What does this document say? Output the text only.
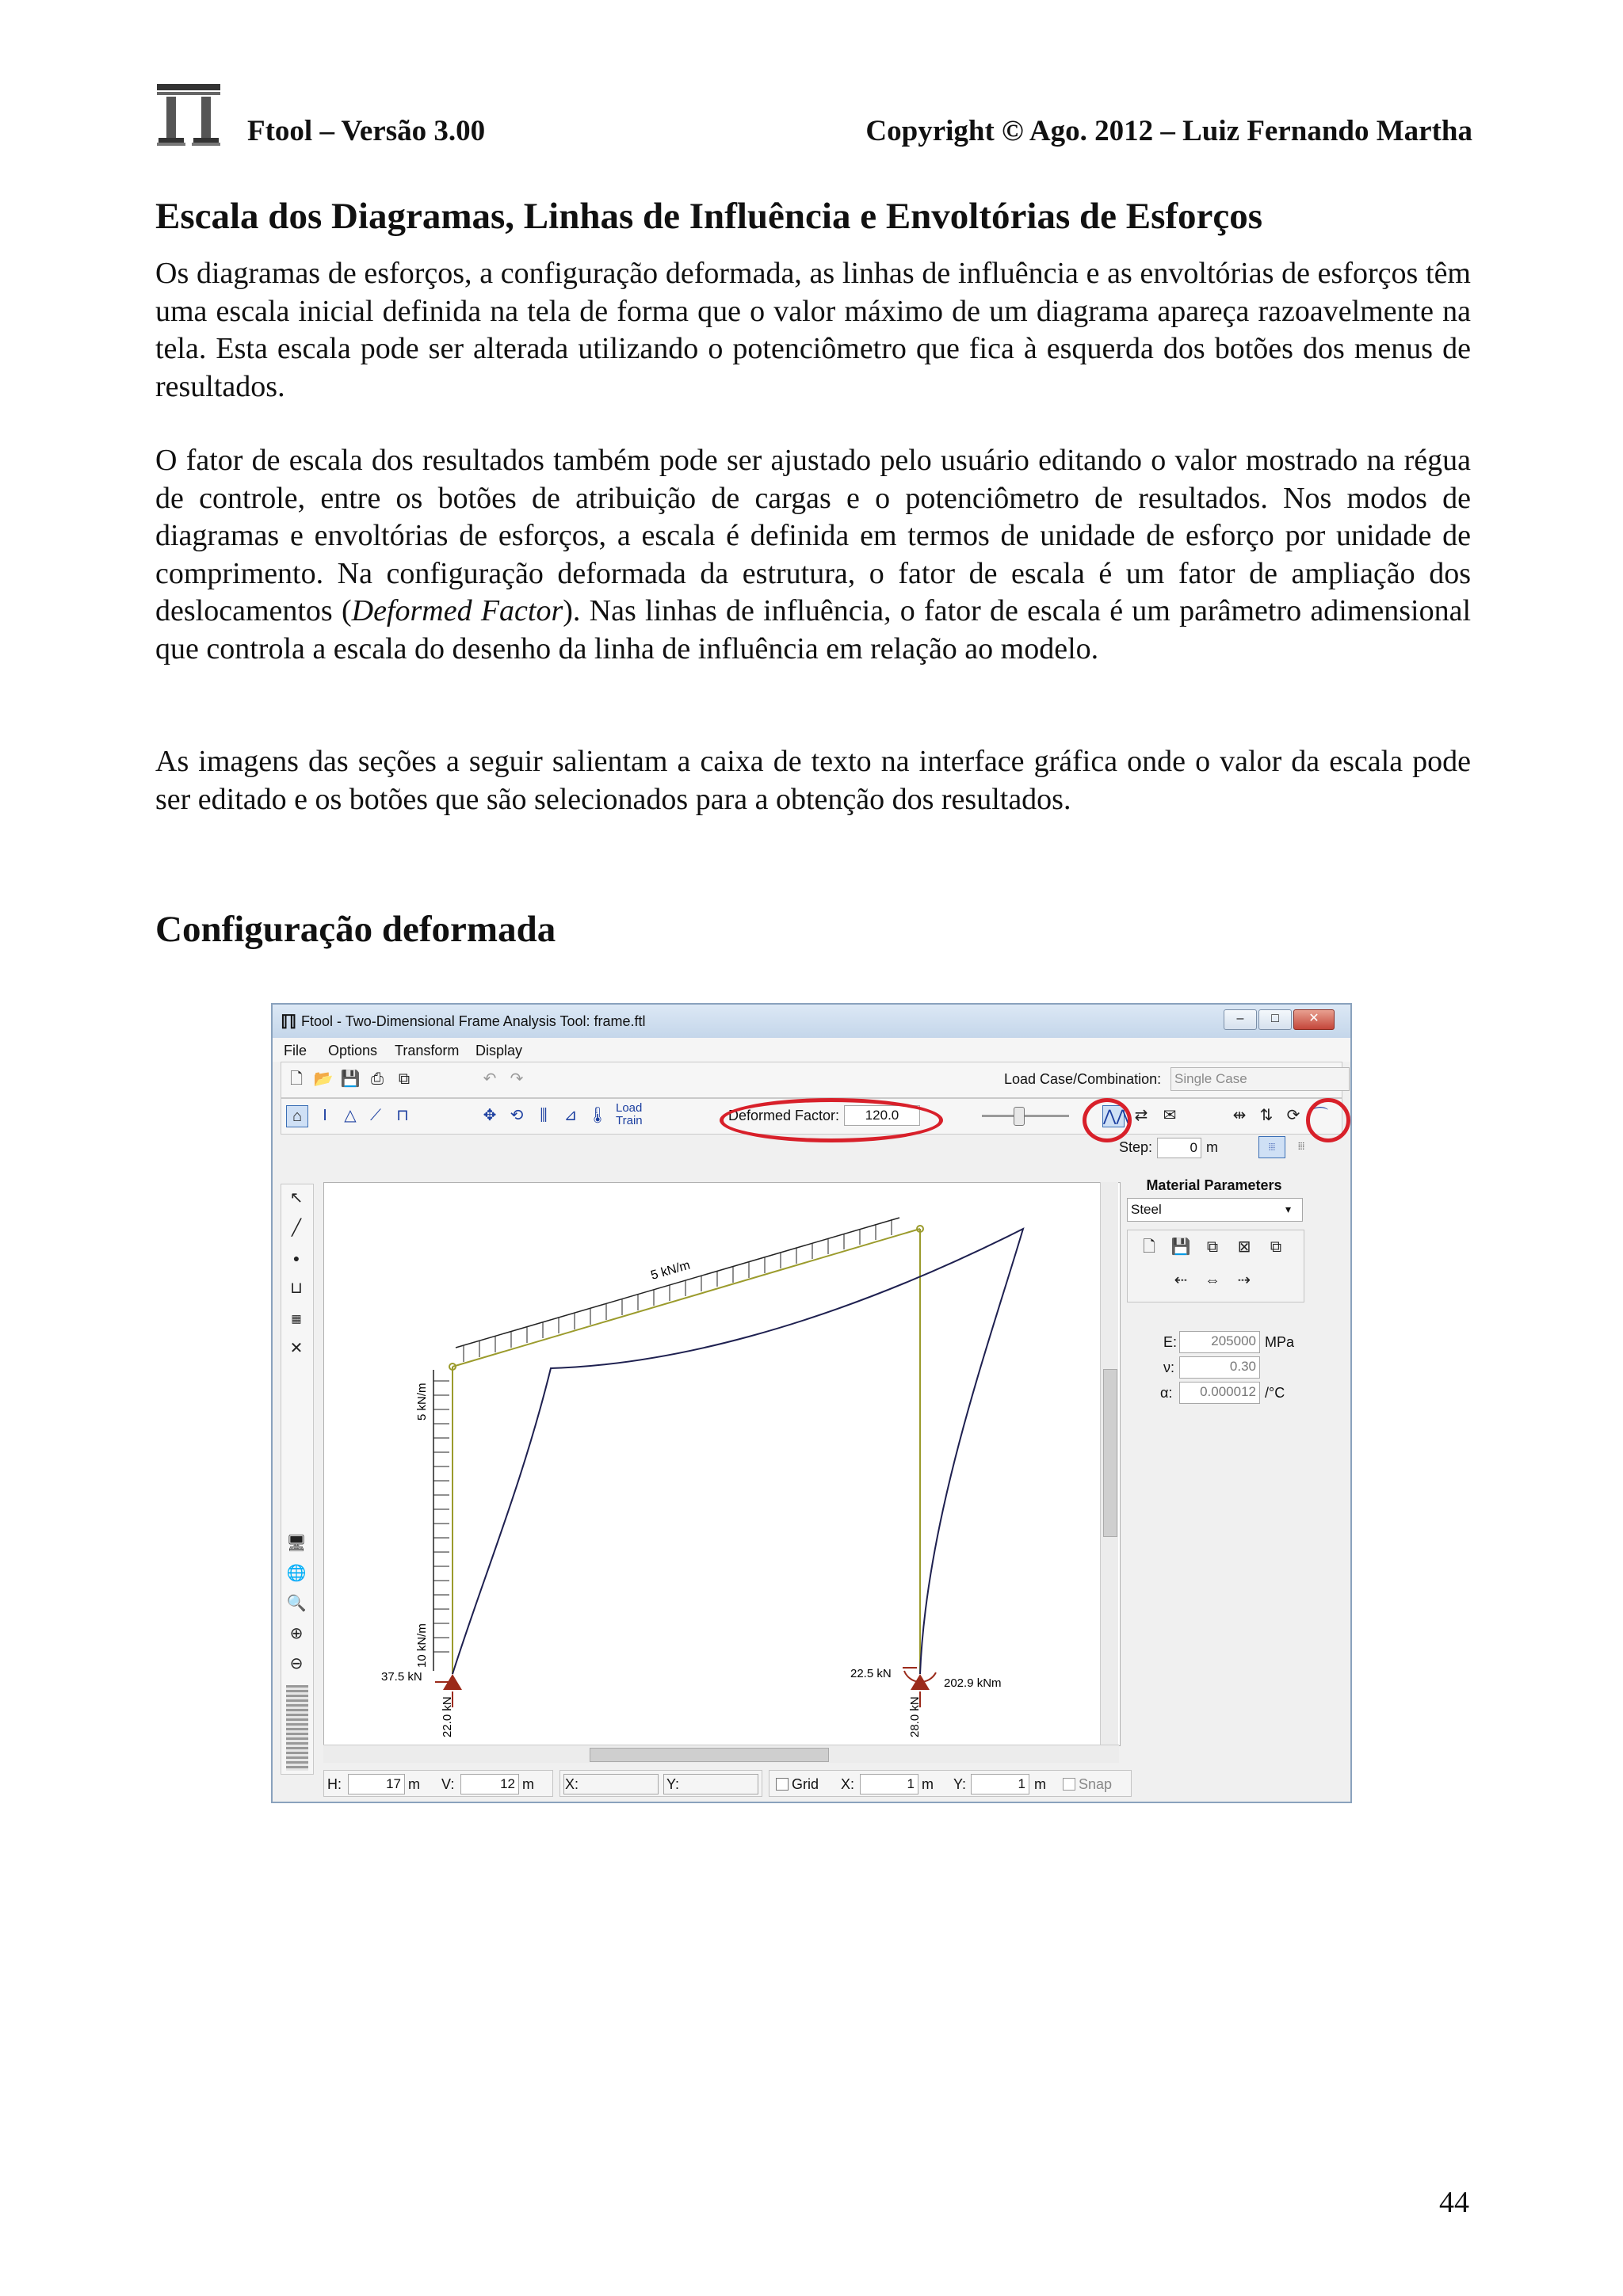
Ftool – Versão 3.00	Copyright © Ago. 2012 – Luiz Fernando Martha
Escala dos Diagramas, Linhas de Influência e Envoltórias de Esforços

Os diagramas de esforços, a configuração deformada, as linhas de influência e as envoltórias de esforços têm uma escala inicial definida na tela de forma que o valor máximo de um diagrama apareça razoavelmente na tela. Esta escala pode ser alterada utilizando o potenciômetro que fica à esquerda dos botões dos menus de resultados.

O fator de escala dos resultados também pode ser ajustado pelo usuário editando o valor mostrado na régua de controle, entre os botões de atribuição de cargas e o potenciômetro de resultados. Nos modos de diagramas e envoltórias de esforços, a escala é definida em termos de unidade de esforço por unidade de comprimento. Na configuração deformada da estrutura, o fator de escala é um fator de ampliação dos deslocamentos (Deformed Factor). Nas linhas de influência, o fator de escala é um parâmetro adimensional que controla a escala do desenho da linha de influência em relação ao modelo.

As imagens das seções a seguir salientam a caixa de texto na interface gráfica onde o valor da escala pode ser editado e os botões que são selecionados para a obtenção dos resultados.

Configuração deformada
ℿ Ftool - Two-Dimensional Frame Analysis Tool: frame.ftl	–	□	✕
File Options Transform Display
🗋 📂 💾 ⎙ ⧉	↶ ↷	Load Case/Combination: Single Case
⌂	I	△ ⟋ ⊓	✥ ⟲	⫼	⊿ 🌡 Load
Train	Deformed Factor:	120.0	⋀⋀ ⇄ ✉	⇹ ⇅ ⟳ ⌒
Step:	0 m	⦙⦙⦙	⦙⦙⦙
↖
╱
●
⊔
▦
✕
🖥
🌐
🔍
⊕
⊖
5 kN/m
5 kN/m
10 kN/m
37.5 kN
22.0 kN
22.5 kN
28.0 kN
202.9 kNm
Material Parameters
Steel	▾
🗋 💾 ⧉ ⊠ ⧉
⇠ ⇔ ⇢
E:	205000 MPa
ν:	0.30
α:	0.000012 /°C
H:	17 m V:	12 m X:	Y:	Grid X:	1 m Y:	1 m Snap
44
